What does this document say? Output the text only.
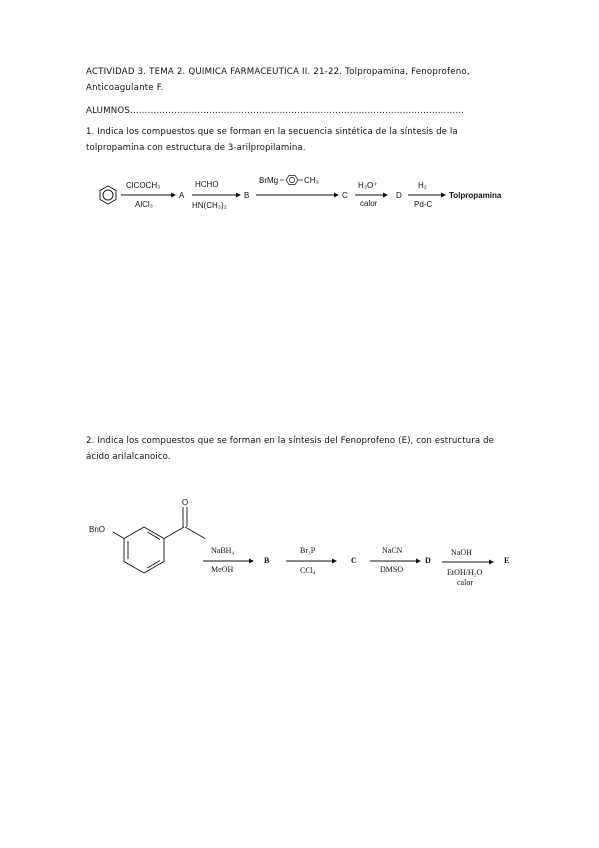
ACTIVIDAD 3. TEMA 2. QUIMICA FARMACEUTICA II. 21-22. Tolpropamina, Fenoprofeno,
Anticoagulante F.
ALUMNOS……………………………………………………………………………………………………
1. Indica los compuestos que se forman en la secuencia sintética de la síntesis de la tolpropamina con estructura de 3-arilpropilamina.
ClCOCH₃
AlCl₃
A
HCHO
HN(CH₃)₂
B
BrMg	CH₃
C
H₃O⁺
calor
D
H₂
Pd-C
Tolpropamina
O
BnO
NaBH₄
MeOH
B
Br₃P
CCl₄
C
NaCN
DMSO
D
NaOH
EtOH/H₂O
calor
E
2. Indica los compuestos que se forman en la síntesis del Fenoprofeno (E), con estructura de ácido arilalcanoico.
